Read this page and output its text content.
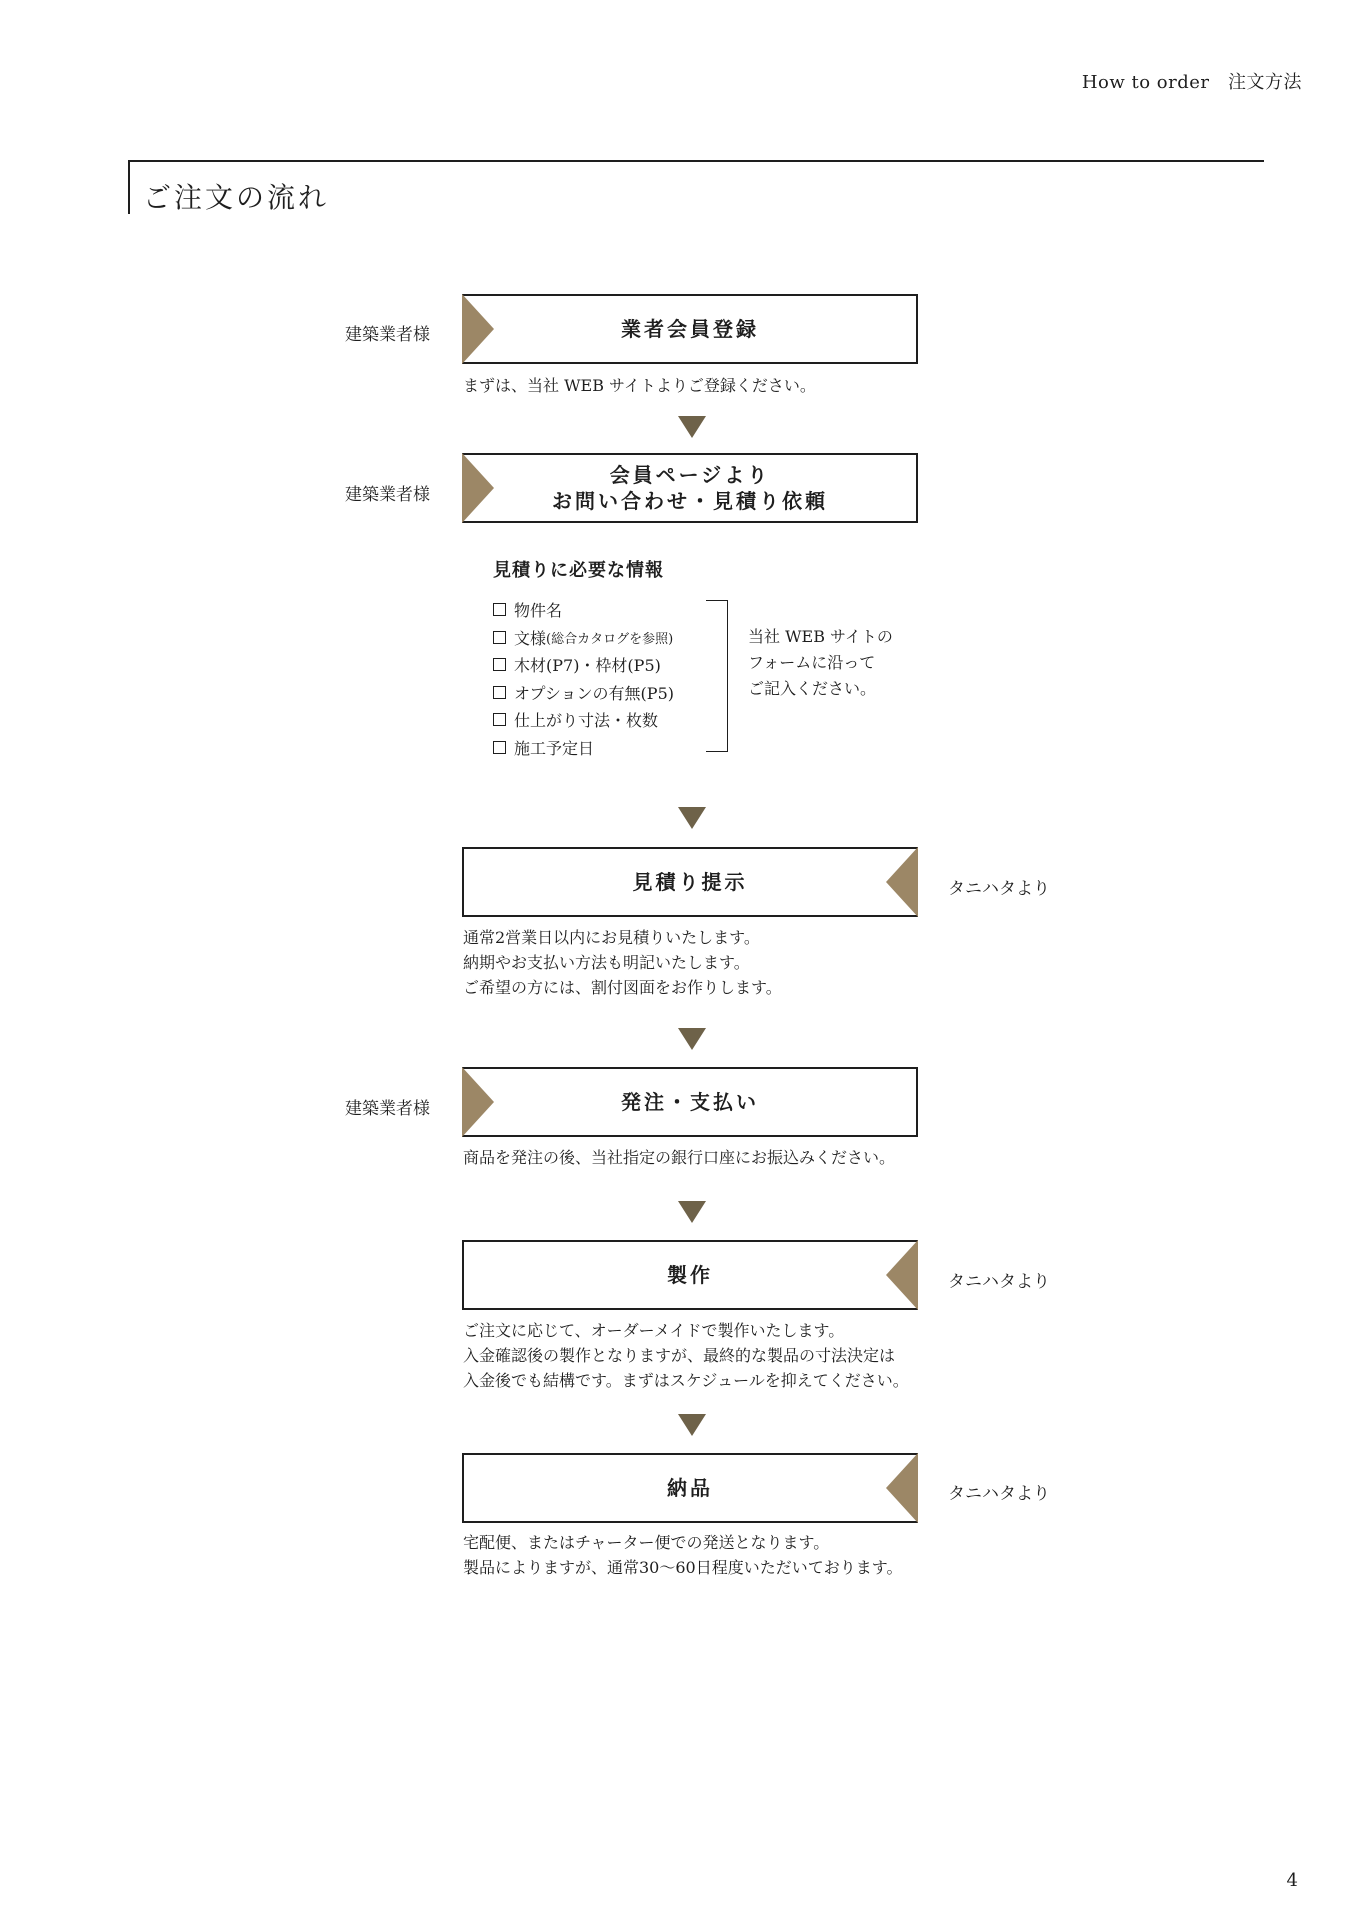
How to order　注文方法
ご注文の流れ
建築業者様	業者会員登録
まずは、当社 WEB サイトよりご登録ください。
建築業者様
会員ページより
お問い合わせ・見積り依頼
見積りに必要な情報
物件名
文様 (総合カタログを参照)
木材(P7)・枠材(P5)
オプションの有無(P5)
仕上がり寸法・枚数
施工予定日
当社 WEB サイトの
フォームに沿って
ご記入ください。
タニハタより
見積り提示
通常2営業日以内にお見積りいたします。
納期やお支払い方法も明記いたします。
ご希望の方には、割付図面をお作りします。
建築業者様	発注・支払い
商品を発注の後、当社指定の銀行口座にお振込みください。
タニハタより
製作
ご注文に応じて、オーダーメイドで製作いたします。
入金確認後の製作となりますが、最終的な製品の寸法決定は
入金後でも結構です。まずはスケジュールを抑えてください。
タニハタより
納品
宅配便、またはチャーター便での発送となります。
製品によりますが、通常30〜60日程度いただいております。
4
